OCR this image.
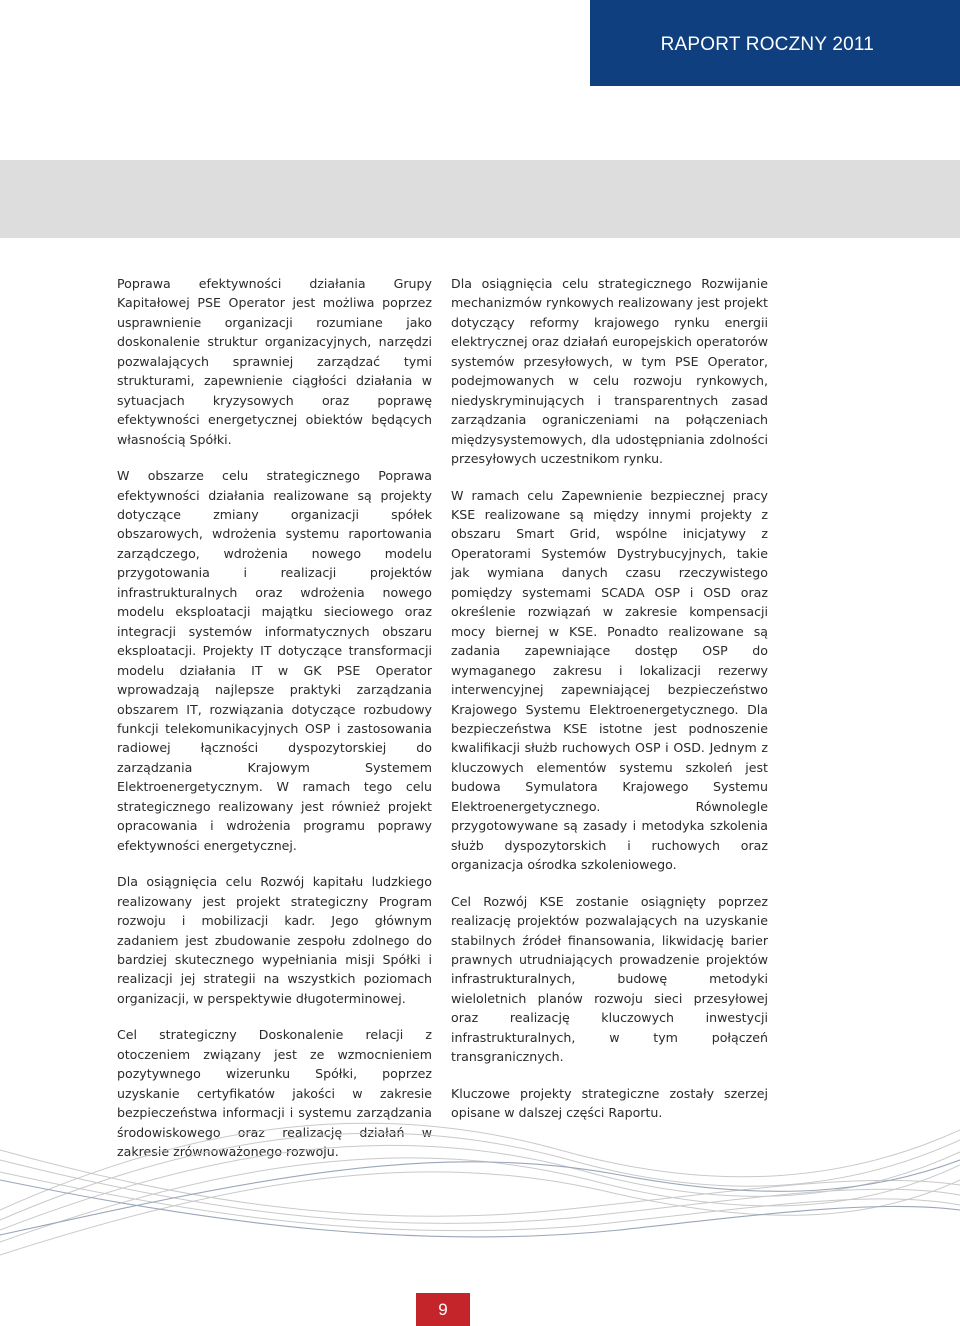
RAPORT ROCZNY 2011

Poprawa efektywności działania Grupy Kapitałowej PSE Operator jest możliwa poprzez usprawnienie organizacji rozumiane jako doskonalenie struktur organizacyjnych, narzędzi pozwalających sprawniej zarządzać tymi strukturami, zapewnienie ciągłości działania w sytuacjach kryzysowych oraz poprawę efektywności energetycznej obiektów będących własnością Spółki.

W obszarze celu strategicznego Poprawa efektywności działania realizowane są projekty dotyczące zmiany organizacji spółek obszarowych, wdrożenia systemu raportowania zarządczego, wdrożenia nowego modelu przygotowania i realizacji projektów infrastrukturalnych oraz wdrożenia nowego modelu eksploatacji majątku sieciowego oraz integracji systemów informatycznych obszaru eksploatacji. Projekty IT dotyczące transformacji modelu działania IT w GK PSE Operator wprowadzają najlepsze praktyki zarządzania obszarem IT, rozwiązania dotyczące rozbudowy funkcji telekomunikacyjnych OSP i zastosowania radiowej łączności dyspozytorskiej do zarządzania Krajowym Systemem Elektroenergetycznym. W ramach tego celu strategicznego realizowany jest również projekt opracowania i wdrożenia programu poprawy efektywności energetycznej.

Dla osiągnięcia celu Rozwój kapitału ludzkiego realizowany jest projekt strategiczny Program rozwoju i mobilizacji kadr. Jego głównym zadaniem jest zbudowanie zespołu zdolnego do bardziej skutecznego wypełniania misji Spółki i realizacji jej strategii na wszystkich poziomach organizacji, w perspektywie długoterminowej.

Cel strategiczny Doskonalenie relacji z otoczeniem związany jest ze wzmocnieniem pozytywnego wizerunku Spółki, poprzez uzyskanie certyfikatów jakości w zakresie bezpieczeństwa informacji i systemu zarządzania środowiskowego oraz realizację działań w zakresie zrównoważonego rozwoju.

Dla osiągnięcia celu strategicznego Rozwijanie mechanizmów rynkowych realizowany jest projekt dotyczący reformy krajowego rynku energii elektrycznej oraz działań europejskich operatorów systemów przesyłowych, w tym PSE Operator, podejmowanych w celu rozwoju rynkowych, niedyskryminujących i transparentnych zasad zarządzania ograniczeniami na połączeniach międzysystemowych, dla udostępniania zdolności przesyłowych uczestnikom rynku.

W ramach celu Zapewnienie bezpiecznej pracy KSE realizowane są między innymi projekty z obszaru Smart Grid, wspólne inicjatywy z Operatorami Systemów Dystrybucyjnych, takie jak wymiana danych czasu rzeczywistego pomiędzy systemami SCADA OSP i OSD oraz określenie rozwiązań w zakresie kompensacji mocy biernej w KSE. Ponadto realizowane są zadania zapewniające dostęp OSP do wymaganego zakresu i lokalizacji rezerwy interwencyjnej zapewniającej bezpieczeństwo Krajowego Systemu Elektroenergetycznego. Dla bezpieczeństwa KSE istotne jest podnoszenie kwalifikacji służb ruchowych OSP i OSD. Jednym z kluczowych elementów systemu szkoleń jest budowa Symulatora Krajowego Systemu Elektroenergetycznego. Równolegle przygotowywane są zasady i metodyka szkolenia służb dyspozytorskich i ruchowych oraz organizacja ośrodka szkoleniowego.

Cel Rozwój KSE zostanie osiągnięty poprzez realizację projektów pozwalających na uzyskanie stabilnych źródeł finansowania, likwidację barier prawnych utrudniających prowadzenie projektów infrastrukturalnych, budowę metodyki wieloletnich planów rozwoju sieci przesyłowej oraz realizację kluczowych inwestycji infrastrukturalnych, w tym połączeń transgranicznych.

Kluczowe projekty strategiczne zostały szerzej opisane w dalszej części Raportu.

9
